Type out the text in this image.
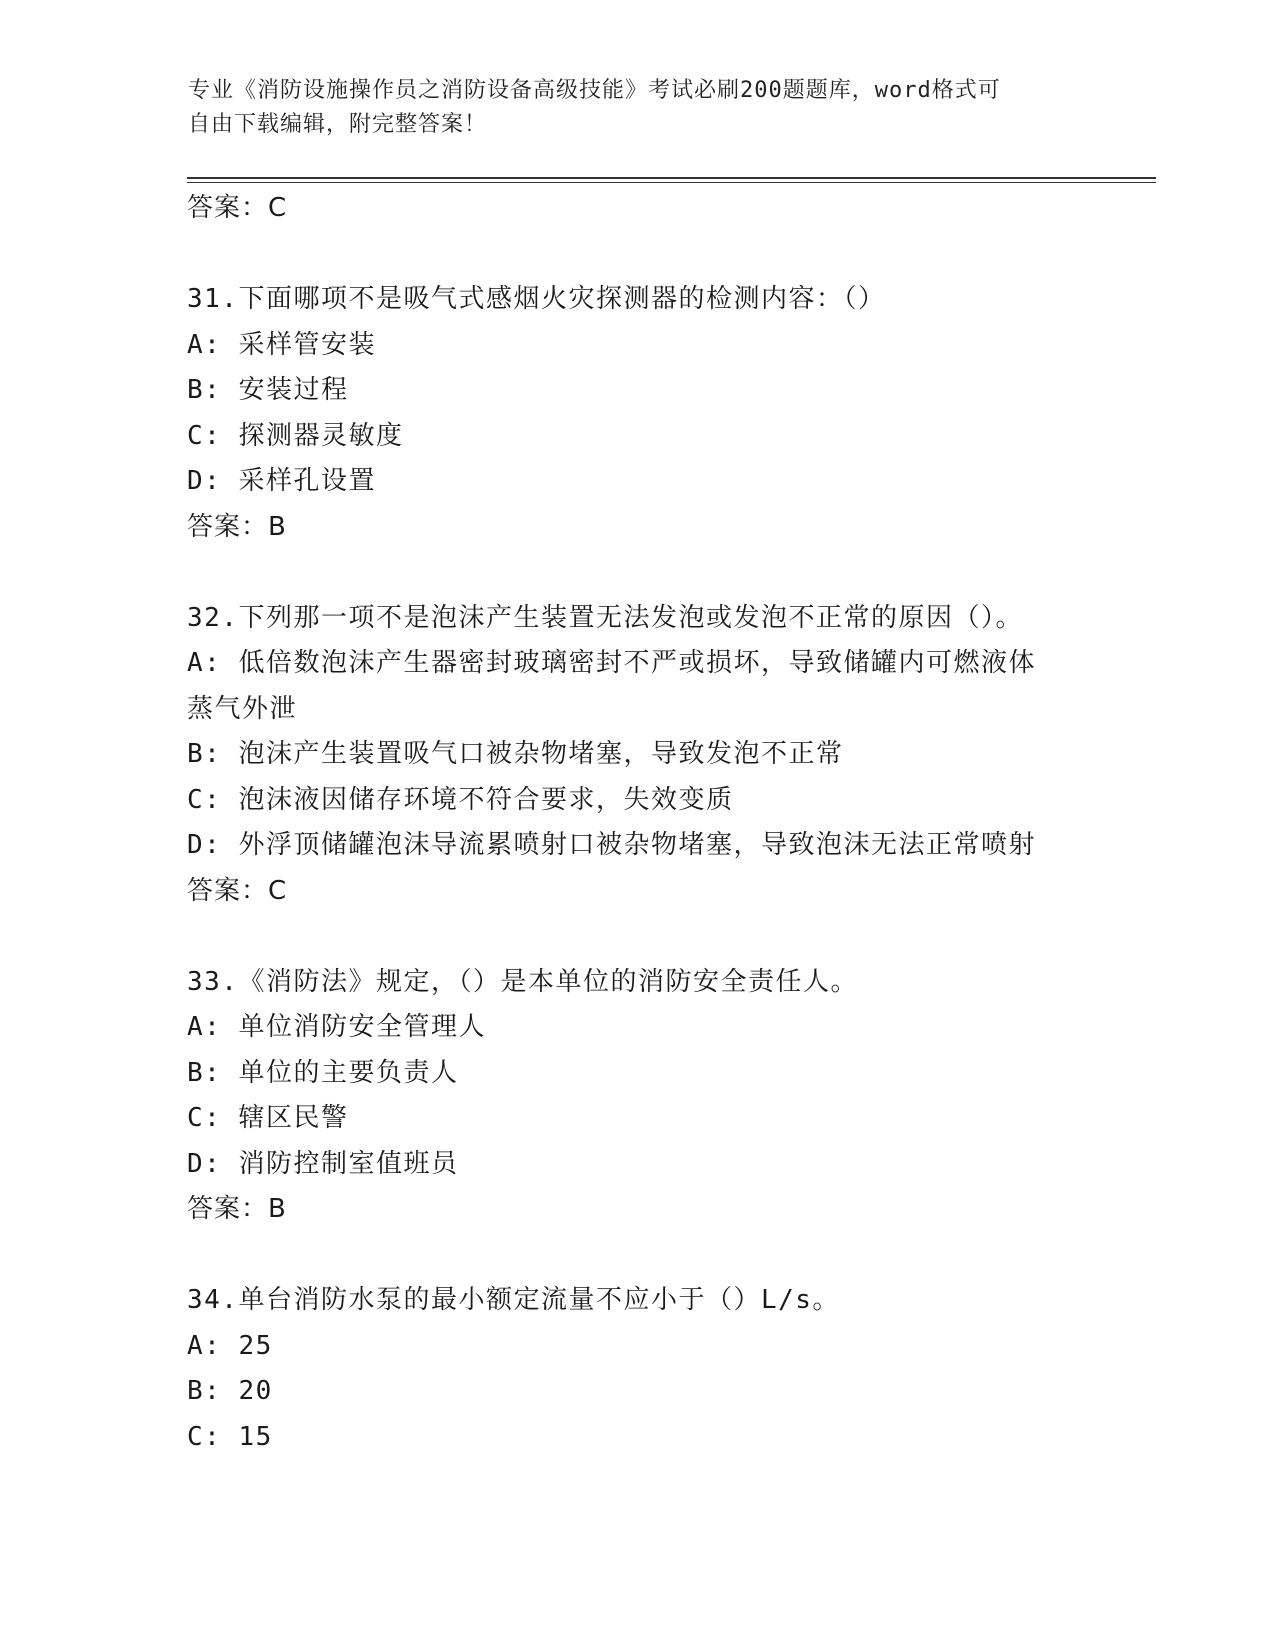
专业《消防设施操作员之消防设备高级技能》考试必刷200题题库，word格式可
自由下载编辑，附完整答案！
答案：C
31.下面哪项不是吸气式感烟火灾探测器的检测内容：（）
A: 采样管安装
B: 安装过程
C: 探测器灵敏度
D: 采样孔设置
答案：B
32.下列那一项不是泡沫产生装置无法发泡或发泡不正常的原因（）。
A: 低倍数泡沫产生器密封玻璃密封不严或损坏，导致储罐内可燃液体
蒸气外泄
B: 泡沫产生装置吸气口被杂物堵塞，导致发泡不正常
C: 泡沫液因储存环境不符合要求，失效变质
D: 外浮顶储罐泡沫导流累喷射口被杂物堵塞，导致泡沫无法正常喷射
答案：C
33.《消防法》规定，（）是本单位的消防安全责任人。
A: 单位消防安全管理人
B: 单位的主要负责人
C: 辖区民警
D: 消防控制室值班员
答案：B
34.单台消防水泵的最小额定流量不应小于（）L/s。
A: 25
B: 20
C: 15
